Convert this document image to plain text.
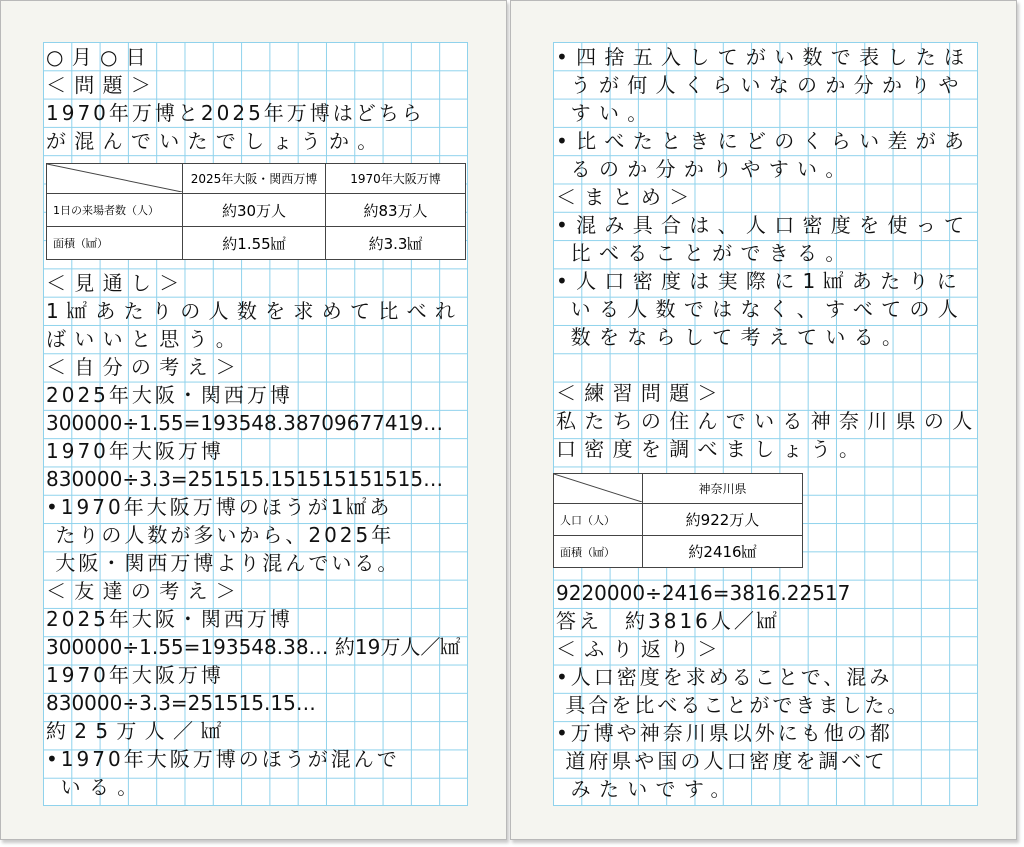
○月○日
＜問題＞
1970年万博と2025年万博はどちら
が混んでいたでしょうか。
	2025年大阪・関西万博	1970年大阪万博
1日の来場者数（人）	約30万人	約83万人
面積（㎢）	約1.55㎢	約3.3㎢
＜見通し＞
1㎢あたりの人数を求めて比べれ
ばいいと思う。
＜自分の考え＞
2025年大阪・関西万博
300000÷1.55=193548.3870967741​9…
1970年大阪万博
830000÷3.3=251515.151515151515…
•1970年大阪万博のほうが1㎢あ
たりの人数が多いから、2025年
大阪・関西万博より混んでいる。
＜友達の考え＞
2025年大阪・関西万博
300000÷1.55=193548.38… 約19万人／㎢
1970年大阪万博
830000÷3.3=251515.15…
約25万人／㎢
•1970年大阪万博のほうが混んで
いる。
•四捨五入してがい数で表したほ
うが何人くらいなのか分かりや
すい。
•比べたときにどのくらい差があ
るのか分かりやすい。
＜まとめ＞
•混み具合は、人口密度を使って
比べることができる。
•人口密度は実際に1㎢あたりに
いる人数ではなく、すべての人
数をならして考えている。
＜練習問題＞
私たちの住んでいる神奈川県の人
口密度を調べましょう。
	神奈川県
人口（人）	約922万人
面積（㎢）	約2416㎢
9220000÷2416=3816.22517
答え　約3816人／㎢
＜ふり返り＞
•人口密度を求めることで、混み
具合を比べることができました。
•万博や神奈川県以外にも他の都
道府県や国の人口密度を調べて
みたいです。
